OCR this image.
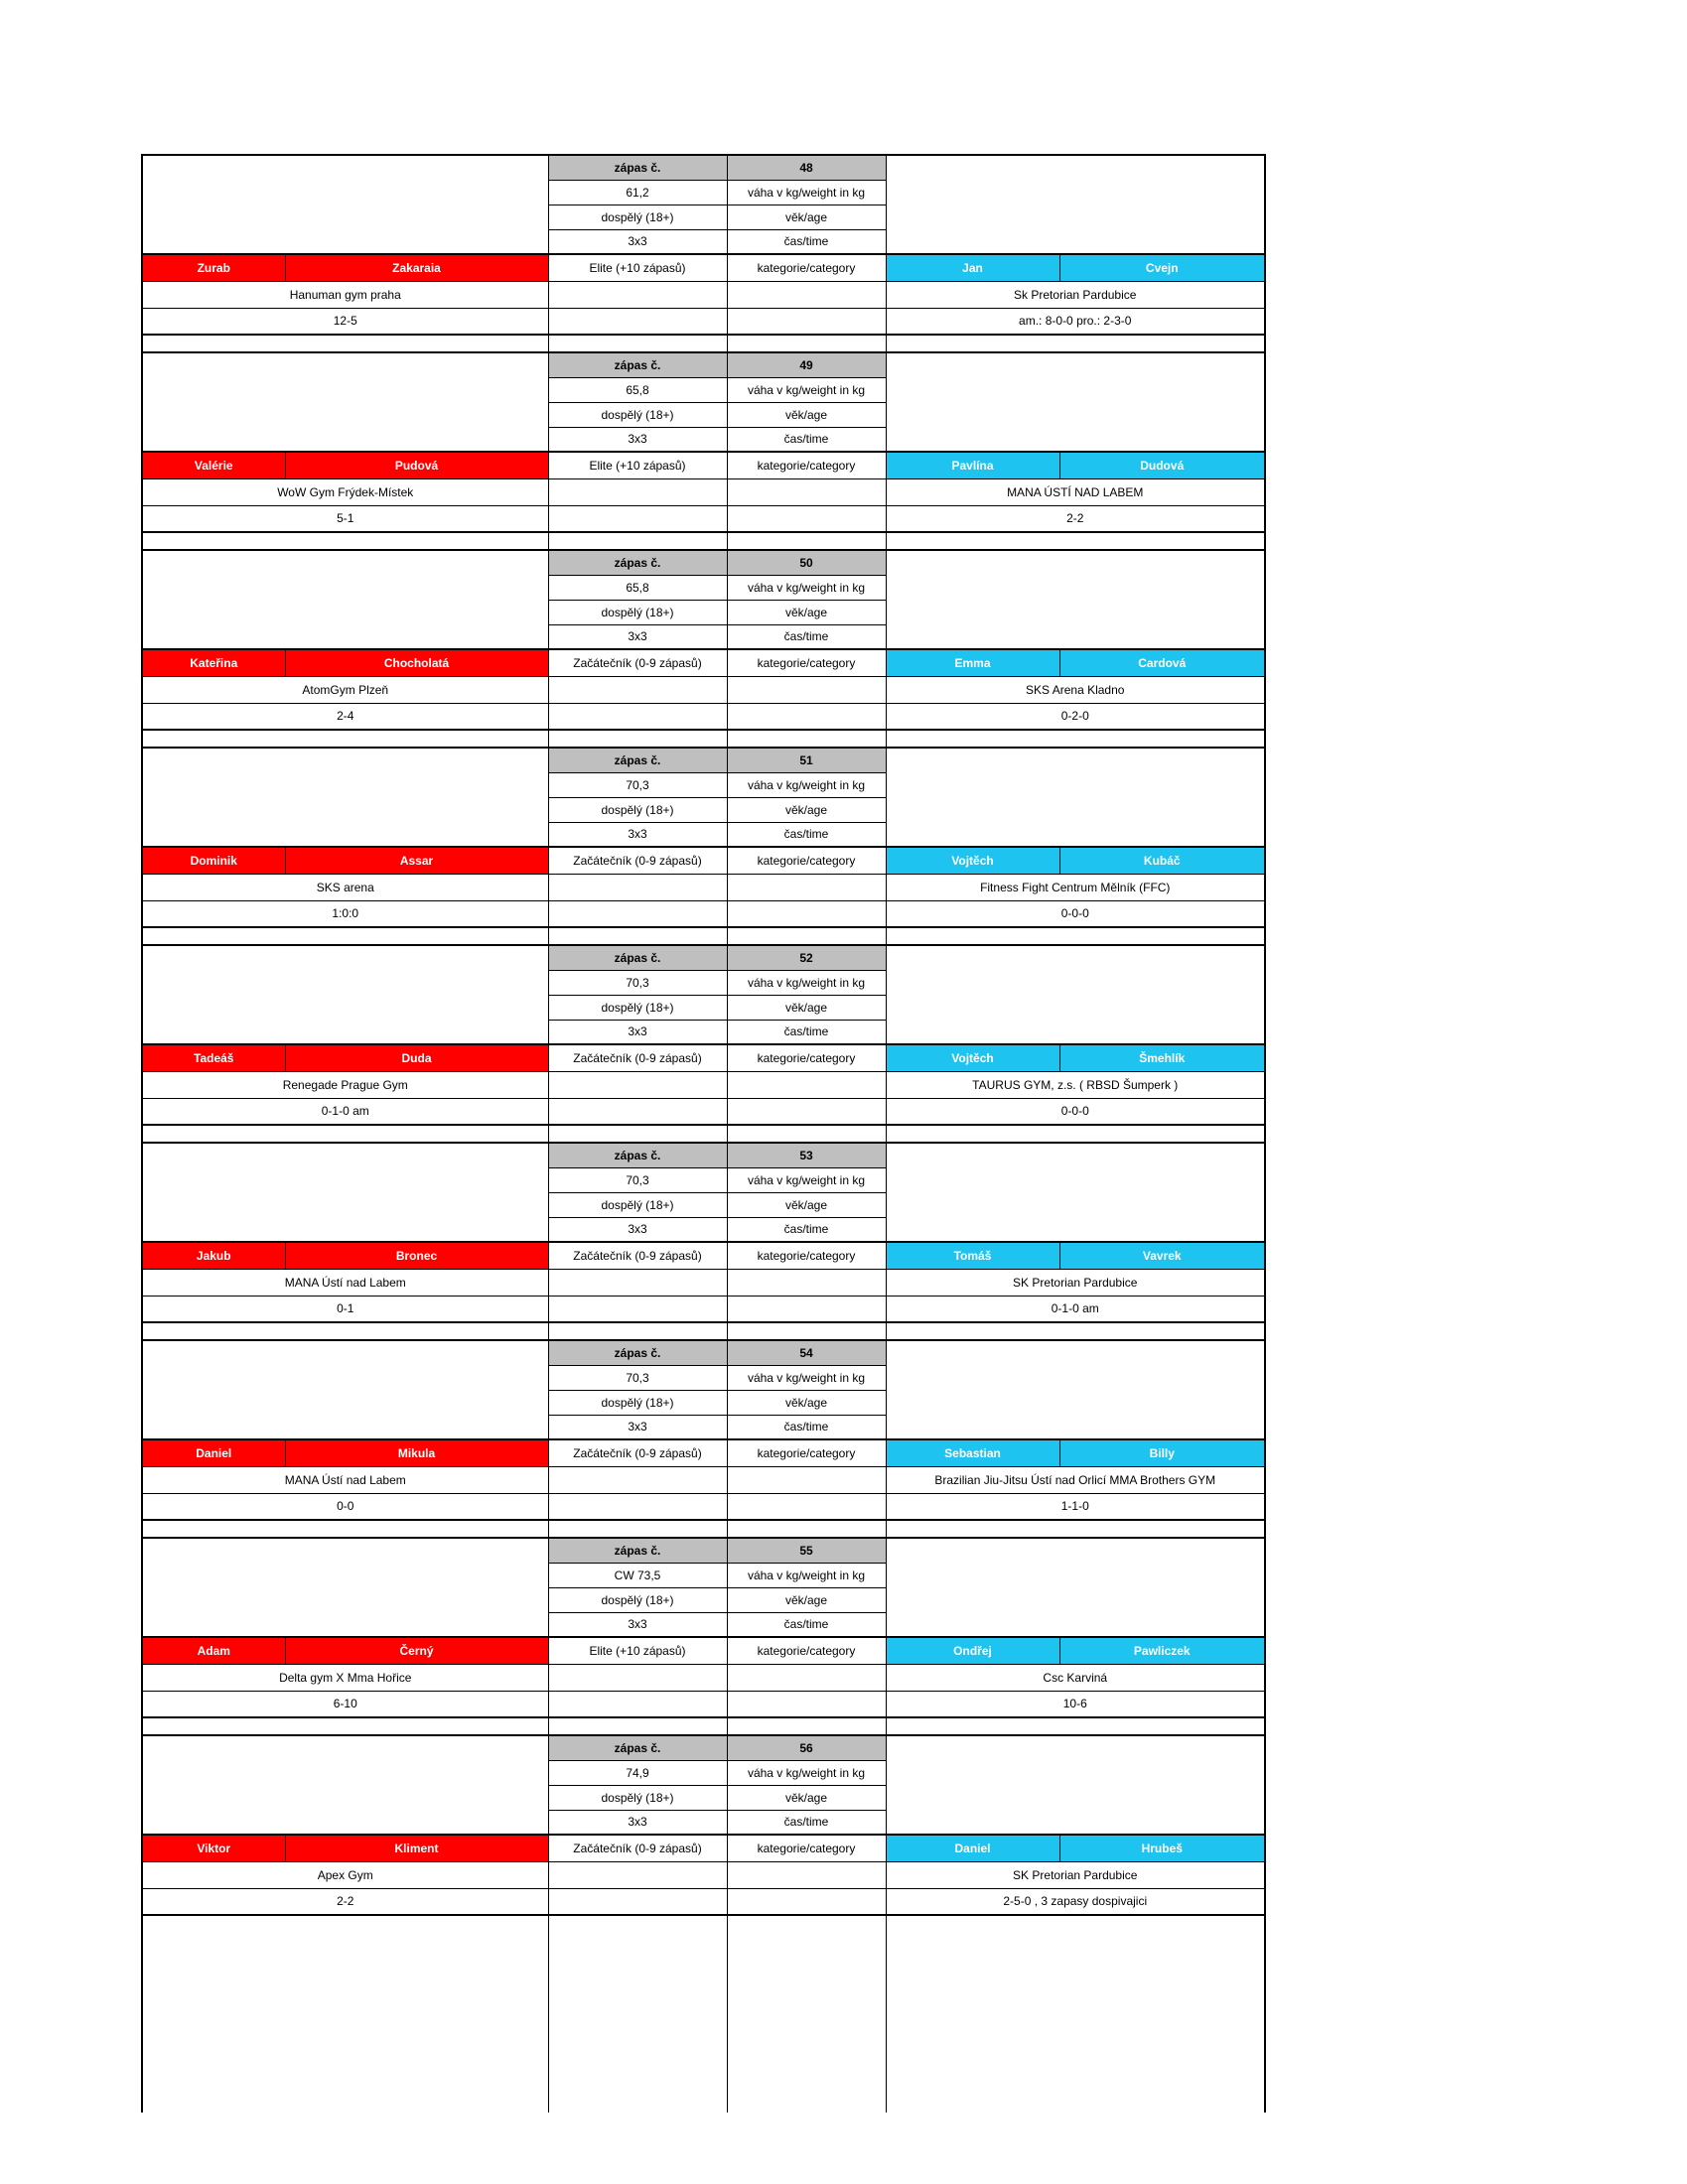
		zápas č.	48		
		61,2	váha v kg/weight in kg		
		dospělý (18+)	věk/age		
		3x3	čas/time		
Zurab	Zakaraia	Elite (+10 zápasů)	kategorie/category	Jan	Cvejn
Hanuman gym praha				Sk Pretorian Pardubice	
12-5				am.: 8-0-0 pro.: 2-3-0	

		zápas č.	49		
		65,8	váha v kg/weight in kg		
		dospělý (18+)	věk/age		
		3x3	čas/time		
Valérie	Pudová	Elite (+10 zápasů)	kategorie/category	Pavlína	Dudová
WoW Gym Frýdek-Místek				MANA ÚSTÍ NAD LABEM	
5-1				2-2	

		zápas č.	50		
		65,8	váha v kg/weight in kg		
		dospělý (18+)	věk/age		
		3x3	čas/time		
Kateřina	Chocholatá	Začátečník (0-9 zápasů)	kategorie/category	Emma	Cardová
AtomGym Plzeň				SKS Arena Kladno	
2-4				0-2-0	

		zápas č.	51		
		70,3	váha v kg/weight in kg		
		dospělý (18+)	věk/age		
		3x3	čas/time		
Dominik	Assar	Začátečník (0-9 zápasů)	kategorie/category	Vojtěch	Kubáč
SKS arena				Fitness Fight Centrum Mělník (FFC)	
1:0:0				0-0-0	

		zápas č.	52		
		70,3	váha v kg/weight in kg		
		dospělý (18+)	věk/age		
		3x3	čas/time		
Tadeáš	Duda	Začátečník (0-9 zápasů)	kategorie/category	Vojtěch	Šmehlík
Renegade Prague Gym				TAURUS GYM, z.s. ( RBSD Šumperk )	
0-1-0 am				0-0-0	

		zápas č.	53		
		70,3	váha v kg/weight in kg		
		dospělý (18+)	věk/age		
		3x3	čas/time		
Jakub	Bronec	Začátečník (0-9 zápasů)	kategorie/category	Tomáš	Vavrek
MANA Ústí nad Labem				SK Pretorian Pardubice	
0-1				0-1-0 am	

		zápas č.	54		
		70,3	váha v kg/weight in kg		
		dospělý (18+)	věk/age		
		3x3	čas/time		
Daniel	Mikula	Začátečník (0-9 zápasů)	kategorie/category	Sebastian	Billy
MANA Ústí nad Labem				Brazilian Jiu-Jitsu Ústí nad Orlicí MMA Brothers GYM	
0-0				1-1-0	

		zápas č.	55		
		CW 73,5	váha v kg/weight in kg		
		dospělý (18+)	věk/age		
		3x3	čas/time		
Adam	Černý	Elite (+10 zápasů)	kategorie/category	Ondřej	Pawliczek
Delta gym X Mma Hořice				Csc Karviná	
6-10				10-6	

		zápas č.	56		
		74,9	váha v kg/weight in kg		
		dospělý (18+)	věk/age		
		3x3	čas/time		
Viktor	Kliment	Začátečník (0-9 zápasů)	kategorie/category	Daniel	Hrubeš
Apex Gym				SK Pretorian Pardubice	
2-2				2-5-0 , 3 zapasy dospivajici	
